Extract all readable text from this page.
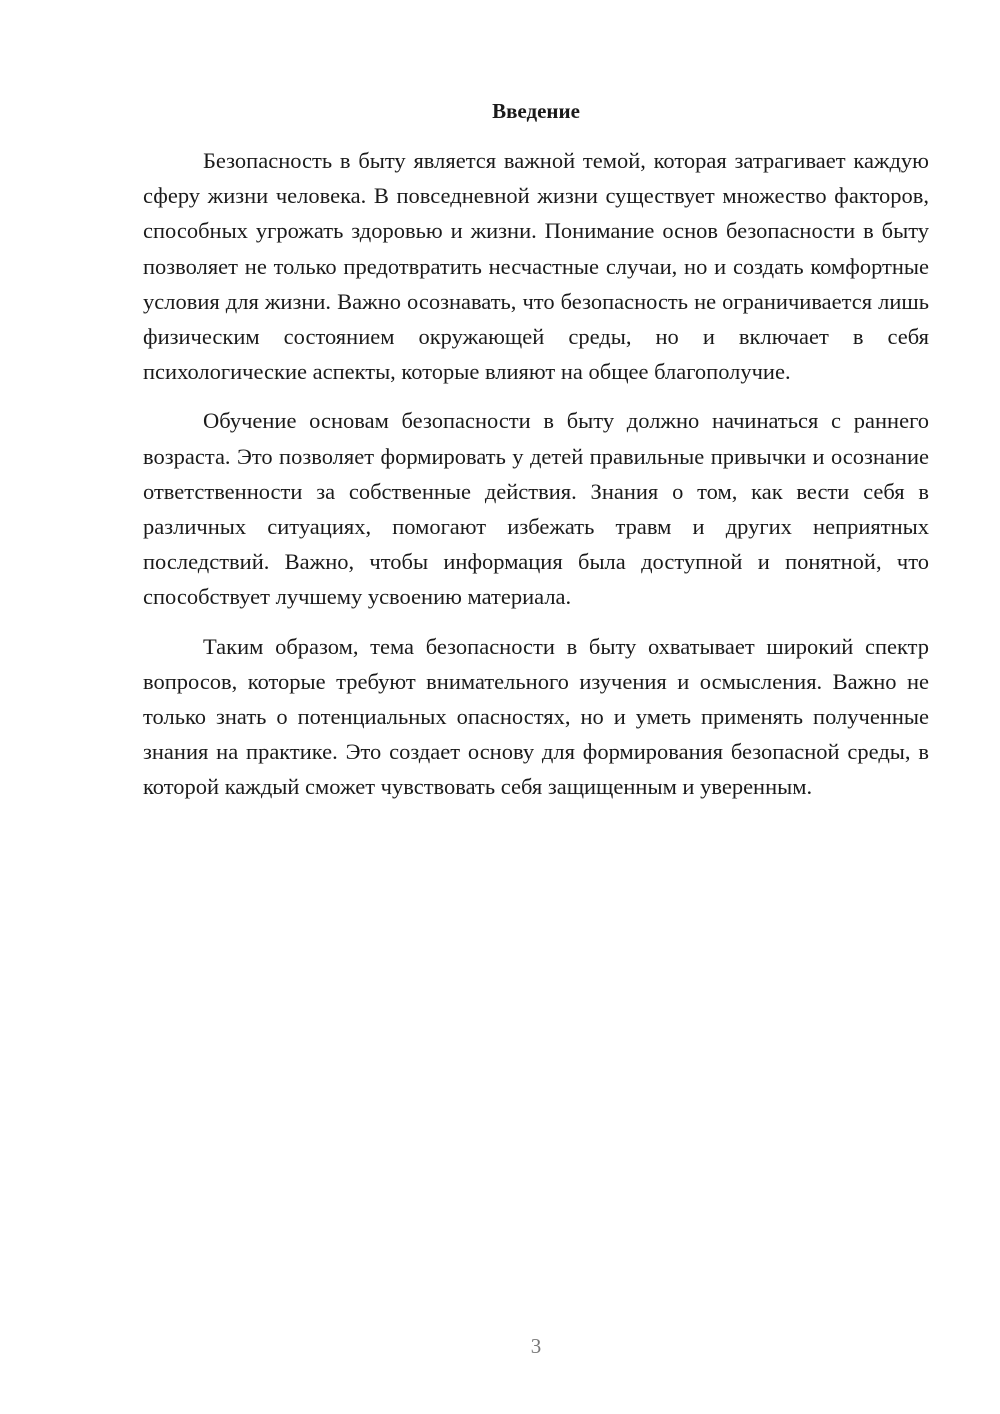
Введение

Безопасность в быту является важной темой, которая затрагивает каждую сферу жизни человека. В повседневной жизни существует множество факторов, способных угрожать здоровью и жизни. Понимание основ безопасности в быту позволяет не только предотвратить несчастные случаи, но и создать комфортные условия для жизни. Важно осознавать, что безопасность не ограничивается лишь физическим состоянием окружающей среды, но и включает в себя психологические аспекты, которые влияют на общее благополучие.

Обучение основам безопасности в быту должно начинаться с раннего возраста. Это позволяет формировать у детей правильные привычки и осознание ответственности за собственные действия. Знания о том, как вести себя в различных ситуациях, помогают избежать травм и других неприятных последствий. Важно, чтобы информация была доступной и понятной, что способствует лучшему усвоению материала.

Таким образом, тема безопасности в быту охватывает широкий спектр вопросов, которые требуют внимательного изучения и осмысления. Важно не только знать о потенциальных опасностях, но и уметь применять полученные знания на практике. Это создает основу для формирования безопасной среды, в которой каждый сможет чувствовать себя защищенным и уверенным.

3
